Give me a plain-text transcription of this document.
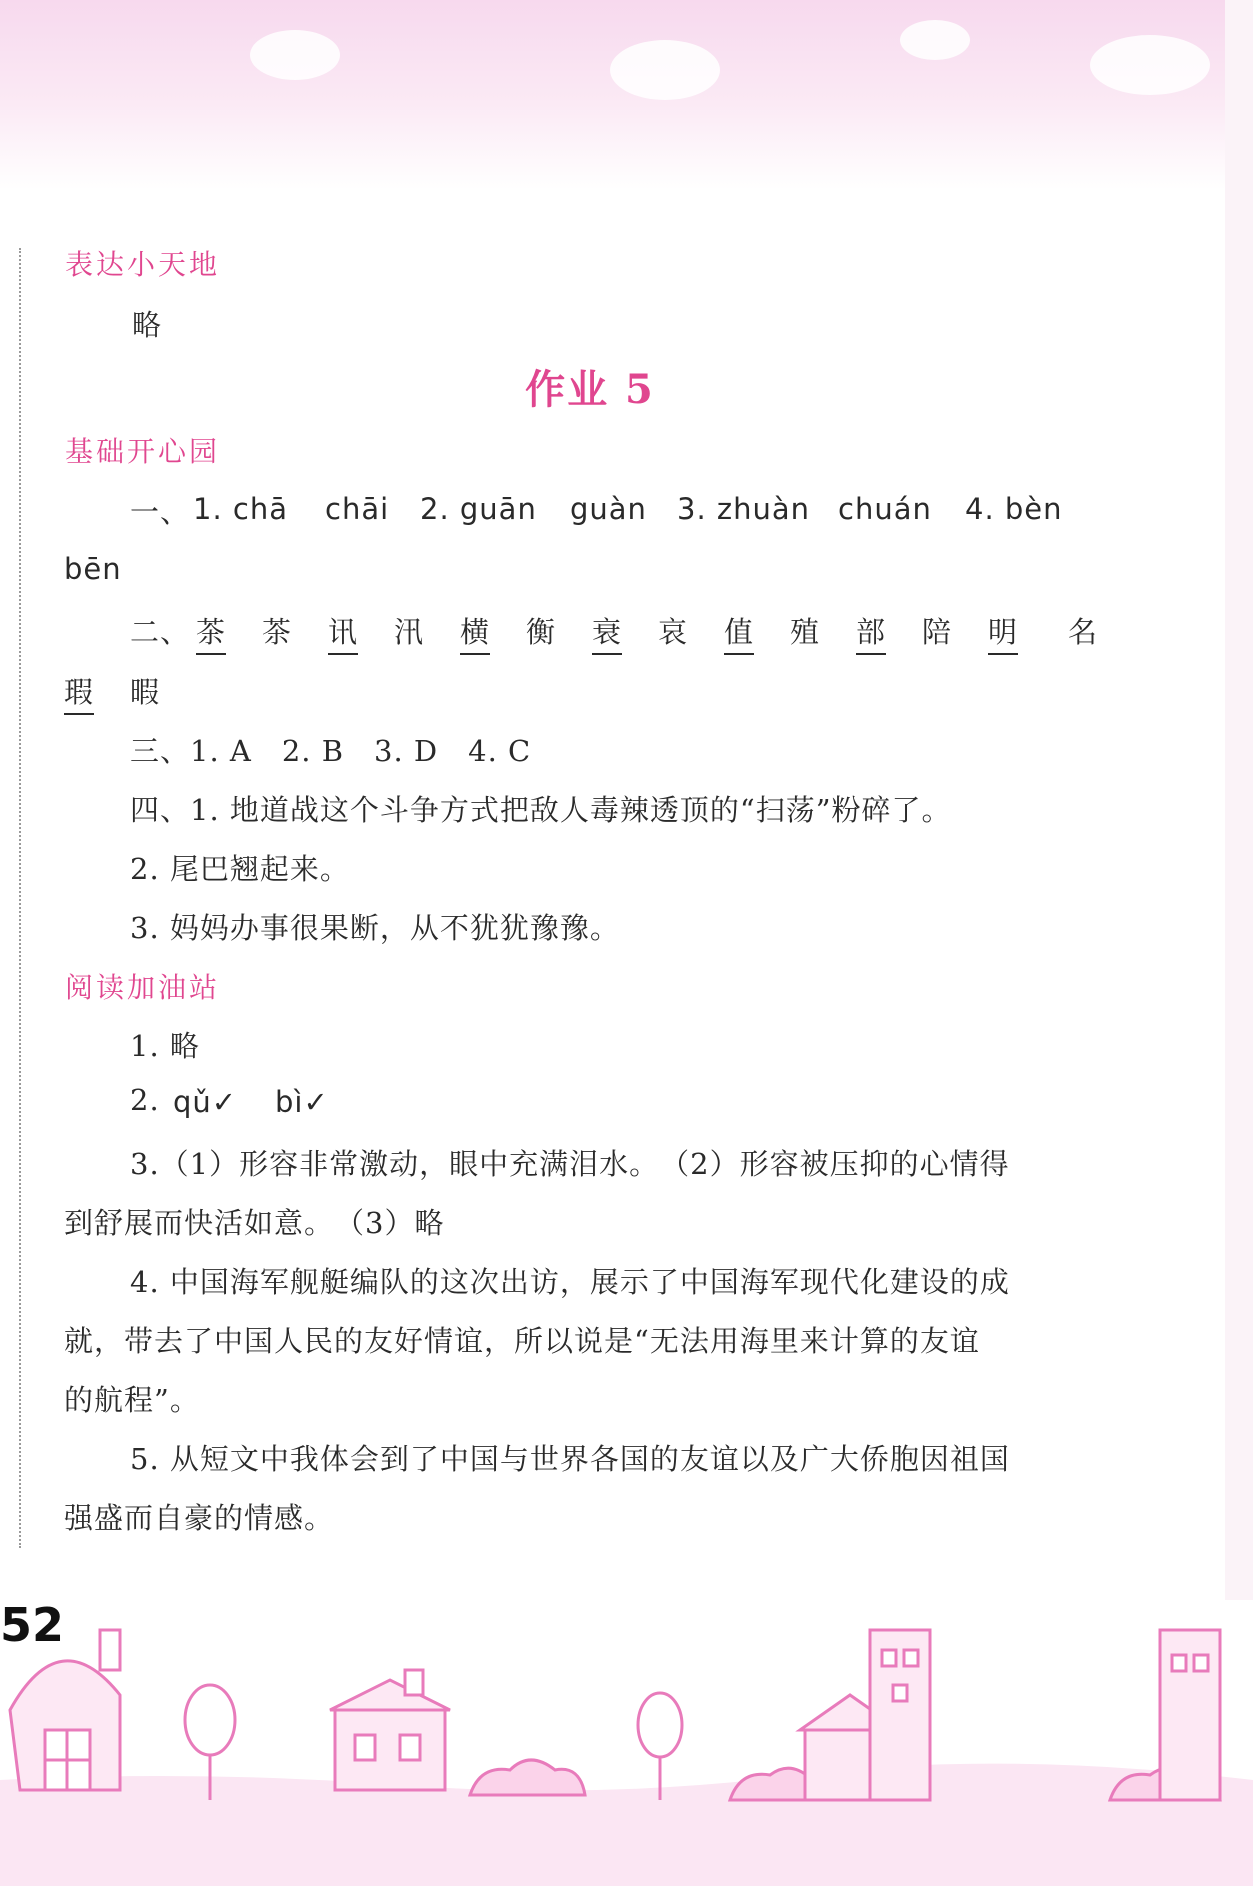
表达小天地
略
作业 5
基础开心园
一、 1. chā chāi 2. guān guàn 3. zhuàn chuán 4. bèn
bēn
二、 茶 茶 讯 汛 横 衡 衰 哀 值 殖 部 陪 明 名
瑕 暇
三、1. A　2. B　3. D　4. C
四、1. 地道战这个斗争方式把敌人毒辣透顶的“扫荡”粉碎了。
2. 尾巴翘起来。
3. 妈妈办事很果断，从不犹犹豫豫。
阅读加油站
1. 略
2. qǔ✓ bì✓
3.（1）形容非常激动，眼中充满泪水。　（2）形容被压抑的心情得
到舒展而快活如意。　（3）略
4. 中国海军舰艇编队的这次出访，展示了中国海军现代化建设的成
就，带去了中国人民的友好情谊，所以说是“无法用海里来计算的友谊
的航程”。
5. 从短文中我体会到了中国与世界各国的友谊以及广大侨胞因祖国
强盛而自豪的情感。
52
